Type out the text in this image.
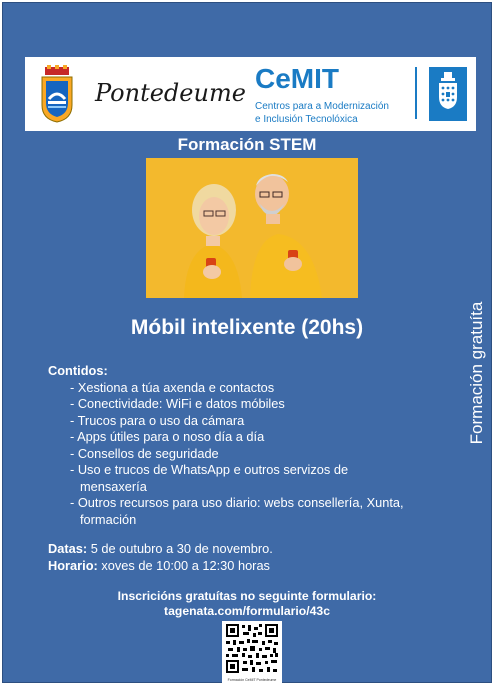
Pontedeume CeMIT
Centros para a Modernización
e Inclusión Tecnolóxica
Formación STEM
Formación gratuíta
Móbil intelixente (20hs)
Contidos:
- Xestiona a túa axenda e contactos
- Conectividade: WiFi e datos móbiles
- Trucos para o uso da cámara
- Apps útiles para o noso día a día
- Consellos de seguridade
- Uso e trucos de WhatsApp e outros servizos de mensaxería
- Outros recursos para uso diario: webs consellería, Xunta, formación
Datas: 5 de outubro a 30 de novembro.
Horario: xoves de 10:00 a 12:30 horas
Inscricións gratuítas no seguinte formulario:
tagenata.com/formulario/43c
Formación CeMIT Pontedeume
